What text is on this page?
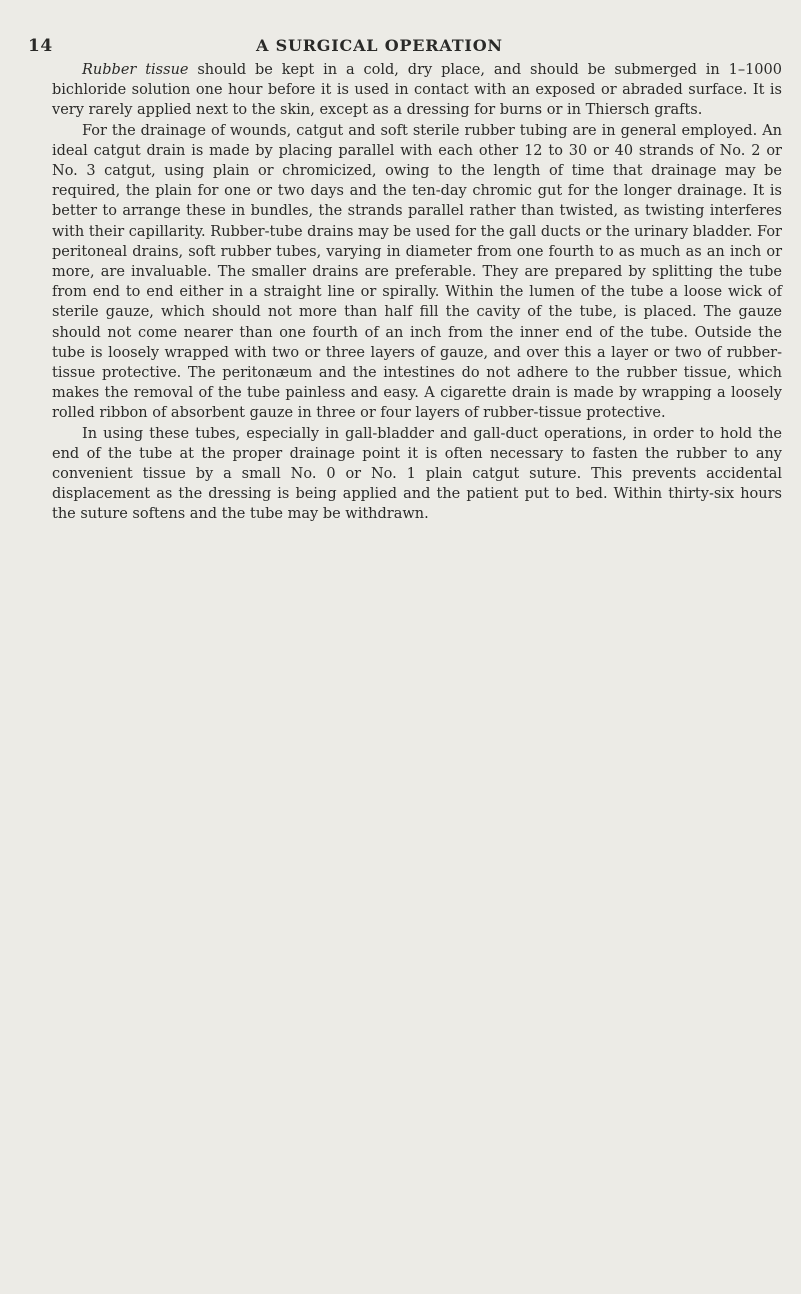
14	A SURGICAL OPERATION

Rubber tissue should be kept in a cold, dry place, and should be submerged in 1–1000 bichloride solution one hour before it is used in contact with an exposed or abraded surface. It is very rarely applied next to the skin, except as a dressing for burns or in Thiersch grafts.

For the drainage of wounds, catgut and soft sterile rubber tubing are in general employed. An ideal catgut drain is made by placing parallel with each other 12 to 30 or 40 strands of No. 2 or No. 3 catgut, using plain or chromicized, owing to the length of time that drainage may be required, the plain for one or two days and the ten-day chromic gut for the longer drainage. It is better to arrange these in bundles, the strands parallel rather than twisted, as twisting interferes with their capillarity. Rubber-tube drains may be used for the gall ducts or the urinary bladder. For peritoneal drains, soft rubber tubes, varying in diameter from one fourth to as much as an inch or more, are invaluable. The smaller drains are preferable. They are prepared by splitting the tube from end to end either in a straight line or spirally. Within the lumen of the tube a loose wick of sterile gauze, which should not more than half fill the cavity of the tube, is placed. The gauze should not come nearer than one fourth of an inch from the inner end of the tube. Outside the tube is loosely wrapped with two or three layers of gauze, and over this a layer or two of rubber-tissue protective. The peritonæum and the intestines do not adhere to the rubber tissue, which makes the removal of the tube painless and easy. A cigarette drain is made by wrapping a loosely rolled ribbon of absorbent gauze in three or four layers of rubber-tissue protective.

In using these tubes, especially in gall-bladder and gall-duct operations, in order to hold the end of the tube at the proper drainage point it is often necessary to fasten the rubber to any convenient tissue by a small No. 0 or No. 1 plain catgut suture. This prevents accidental displacement as the dressing is being applied and the patient put to bed. Within thirty-six hours the suture softens and the tube may be withdrawn.
